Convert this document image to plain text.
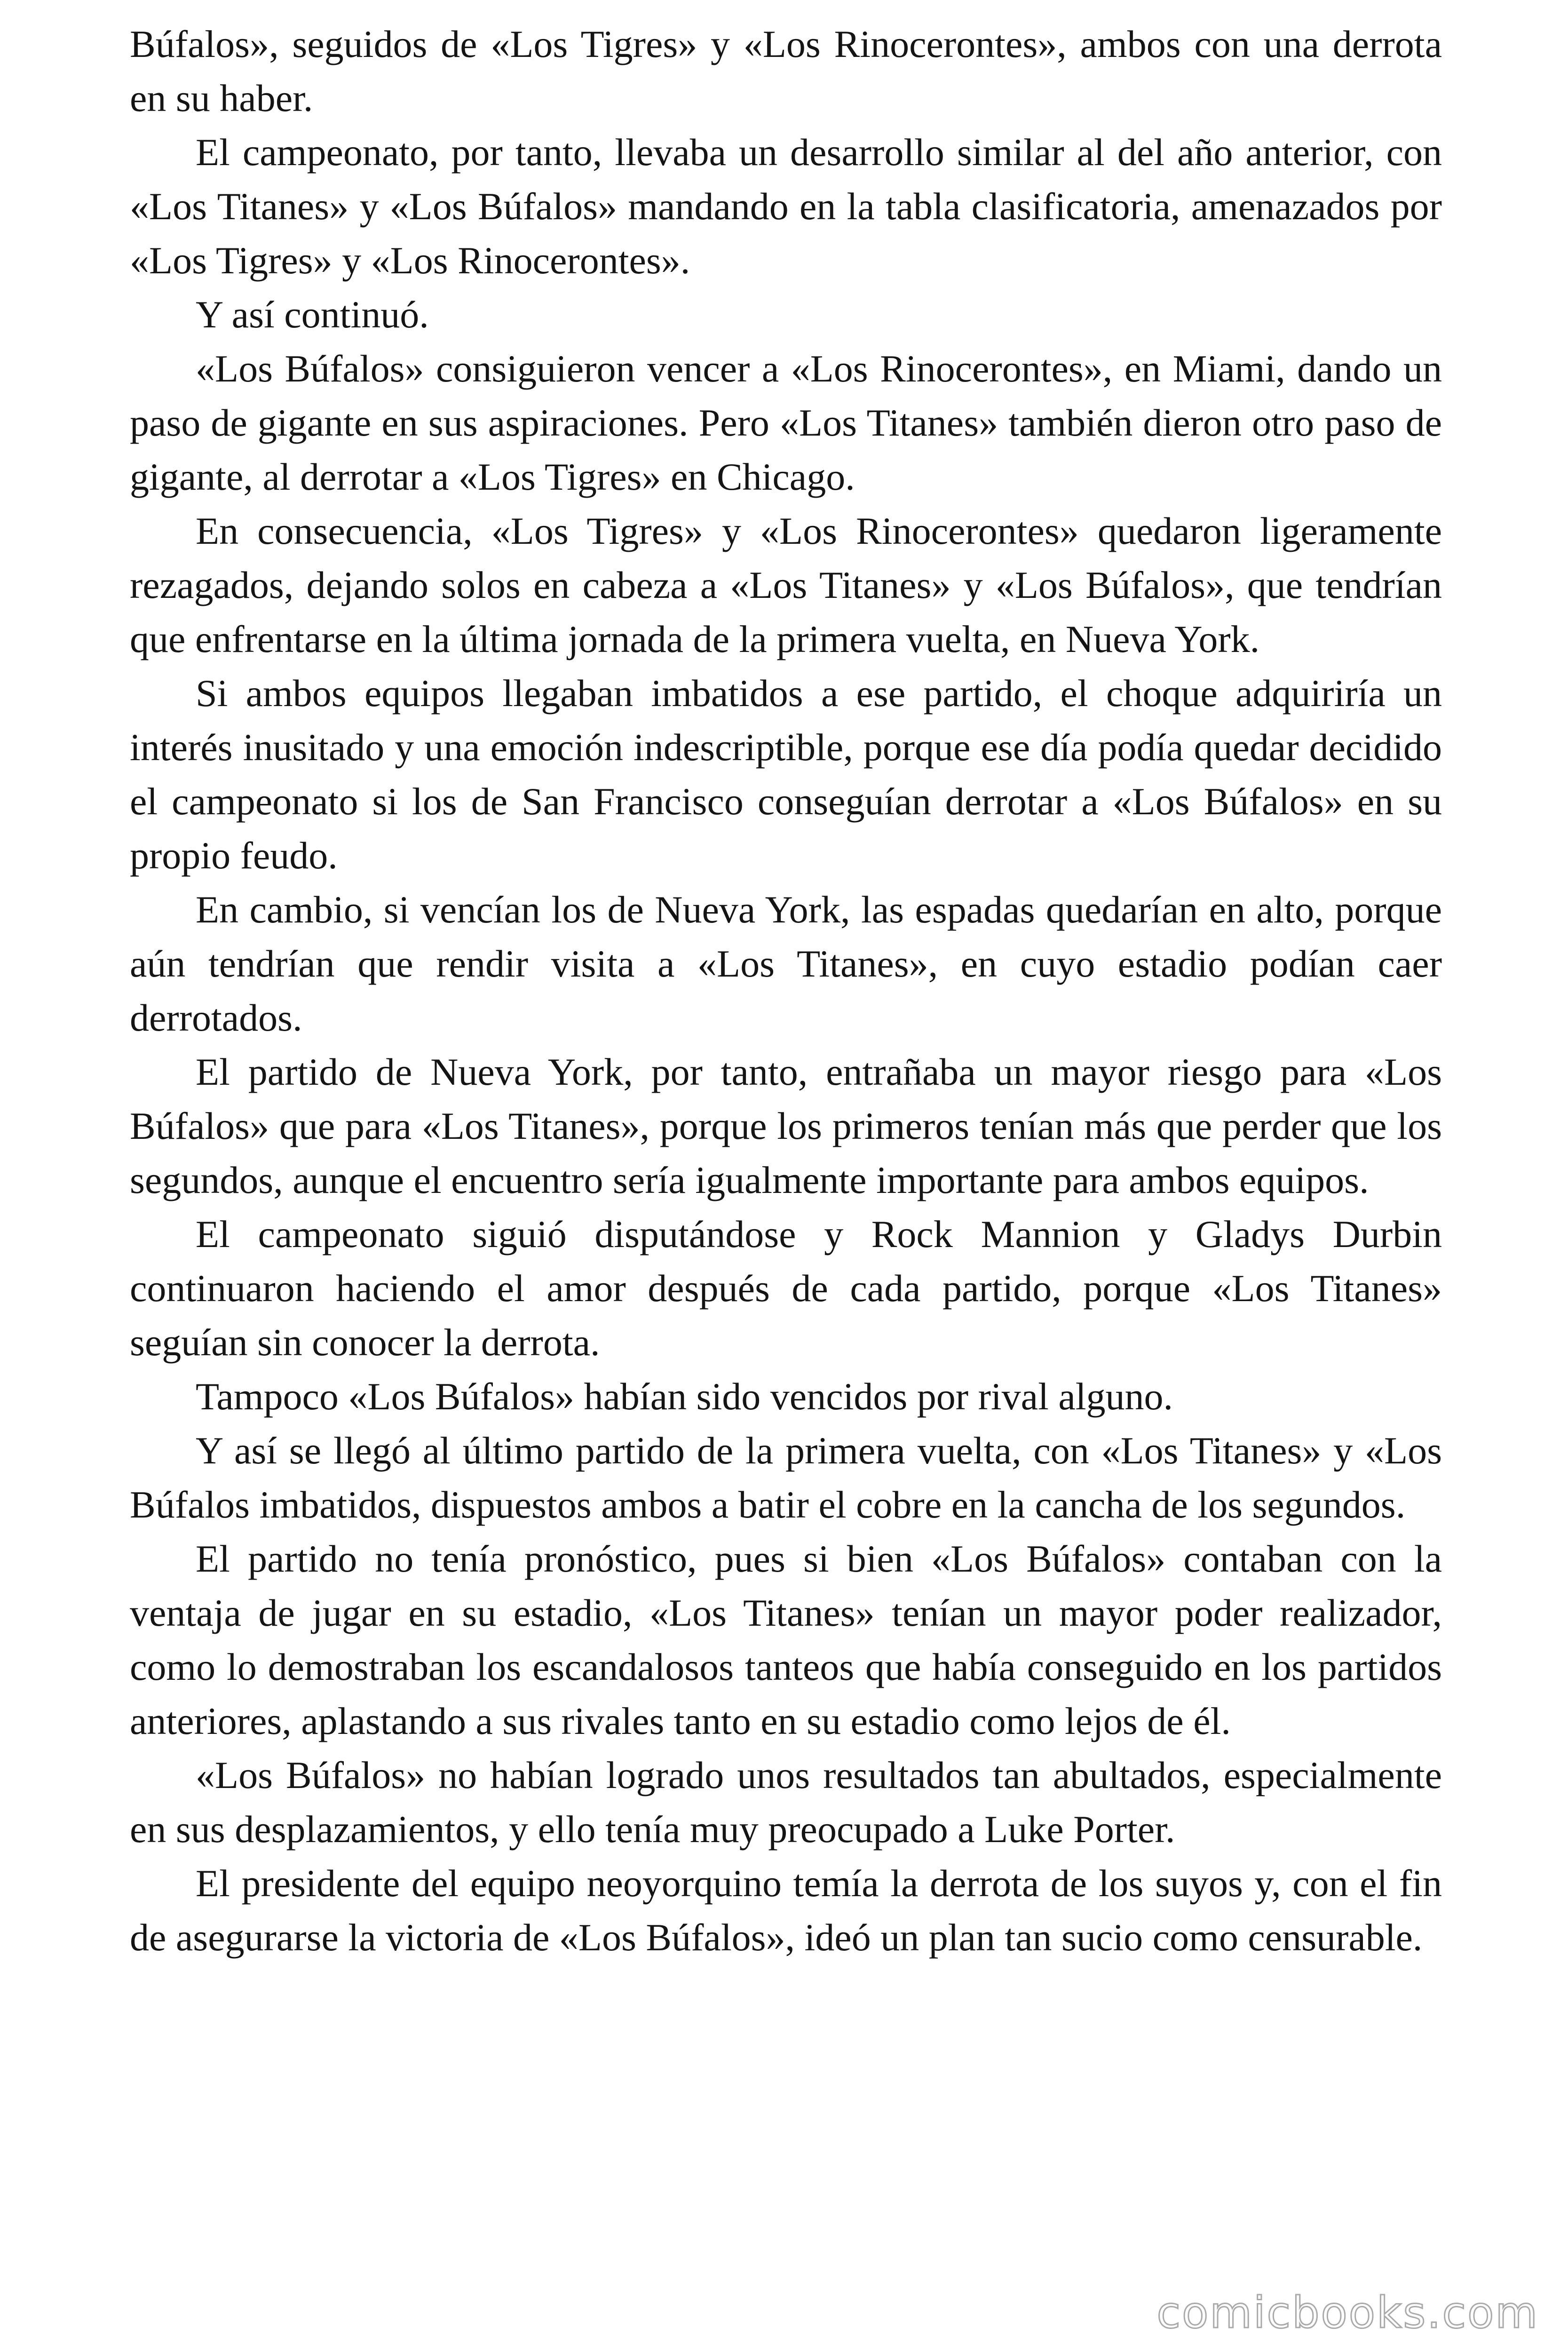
Búfalos», seguidos de «Los Tigres» y «Los Rinocerontes», ambos con una derrota en su haber.

El campeonato, por tanto, llevaba un desarrollo similar al del año anterior, con «Los Titanes» y «Los Búfalos» mandando en la tabla clasificatoria, amenazados por «Los Tigres» y «Los Rinocerontes».

Y así continuó.

«Los Búfalos» consiguieron vencer a «Los Rinocerontes», en Miami, dando un paso de gigante en sus aspiraciones. Pero «Los Titanes» también dieron otro paso de gigante, al derrotar a «Los Tigres» en Chicago.

En consecuencia, «Los Tigres» y «Los Rinocerontes» quedaron ligeramente rezagados, dejando solos en cabeza a «Los Titanes» y «Los Búfalos», que tendrían que enfrentarse en la última jornada de la primera vuelta, en Nueva York.

Si ambos equipos llegaban imbatidos a ese partido, el choque adquiriría un interés inusitado y una emoción indescriptible, porque ese día podía quedar decidido el campeonato si los de San Francisco conseguían derrotar a «Los Búfalos» en su propio feudo.

En cambio, si vencían los de Nueva York, las espadas quedarían en alto, porque aún tendrían que rendir visita a «Los Titanes», en cuyo estadio podían caer derrotados.

El partido de Nueva York, por tanto, entrañaba un mayor riesgo para «Los Búfalos» que para «Los Titanes», porque los primeros tenían más que perder que los segundos, aunque el encuentro sería igualmente importante para ambos equipos.

El campeonato siguió disputándose y Rock Mannion y Gladys Durbin continuaron haciendo el amor después de cada partido, porque «Los Titanes» seguían sin conocer la derrota.

Tampoco «Los Búfalos» habían sido vencidos por rival alguno.

Y así se llegó al último partido de la primera vuelta, con «Los Titanes» y «Los Búfalos imbatidos, dispuestos ambos a batir el cobre en la cancha de los segundos.

El partido no tenía pronóstico, pues si bien «Los Búfalos» contaban con la ventaja de jugar en su estadio, «Los Titanes» tenían un mayor poder realizador, como lo demostraban los escandalosos tanteos que había conseguido en los partidos anteriores, aplastando a sus rivales tanto en su estadio como lejos de él.

«Los Búfalos» no habían logrado unos resultados tan abultados, especialmente en sus desplazamientos, y ello tenía muy preocupado a Luke Porter.

El presidente del equipo neoyorquino temía la derrota de los suyos y, con el fin de asegurarse la victoria de «Los Búfalos», ideó un plan tan sucio como censurable.

comicbooks.com
